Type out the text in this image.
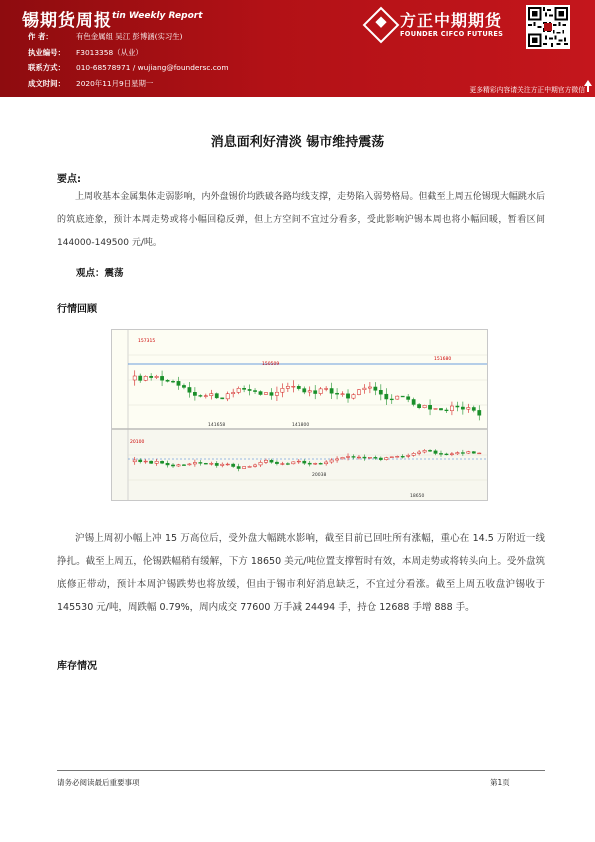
锡期货周报 tin Weekly Report
作 者：	有色金属组 吴江 彭博涵(实习生)
执业编号：	F3013358（从业）
联系方式：	010-68578971 / wujiang@foundersc.com
成文时间：	2020年11月9日星期一
方正中期期货
FOUNDER CIFCO FUTURES
更多精彩内容请关注方正中期官方微信
消息面利好清淡 锡市维持震荡
要点:
上周收基本金属集体走弱影响，内外盘锡价均跌破各路均线支撑，走势陷入弱势格局。但截至上周五伦锡现大幅跳水后的筑底迹象，预计本周走势或将小幅回稳反弹，但上方空间不宜过分看多，受此影响沪锡本周也将小幅回暖，暂看区间 144000-149500 元/吨。
观点：震荡
行情回顾
157315
150509
151680
141658	141800
20100
20038
18650
沪锡上周初小幅上冲 15 万高位后，受外盘大幅跳水影响，截至目前已回吐所有涨幅，重心在 14.5 万附近一线挣扎。截至上周五，伦锡跌幅稍有缓解，下方 18650 美元/吨位置支撑暂时有效，本周走势或将转头向上。受外盘筑底修正带动，预计本周沪锡跌势也将放缓，但由于锡市利好消息缺乏，不宜过分看涨。截至上周五收盘沪锡收于 145530 元/吨，周跌幅 0.79%，周内成交 77600 万手减 24494 手，持仓 12688 手增 888 手。
库存情况
请务必阅读最后重要事项	第1页
